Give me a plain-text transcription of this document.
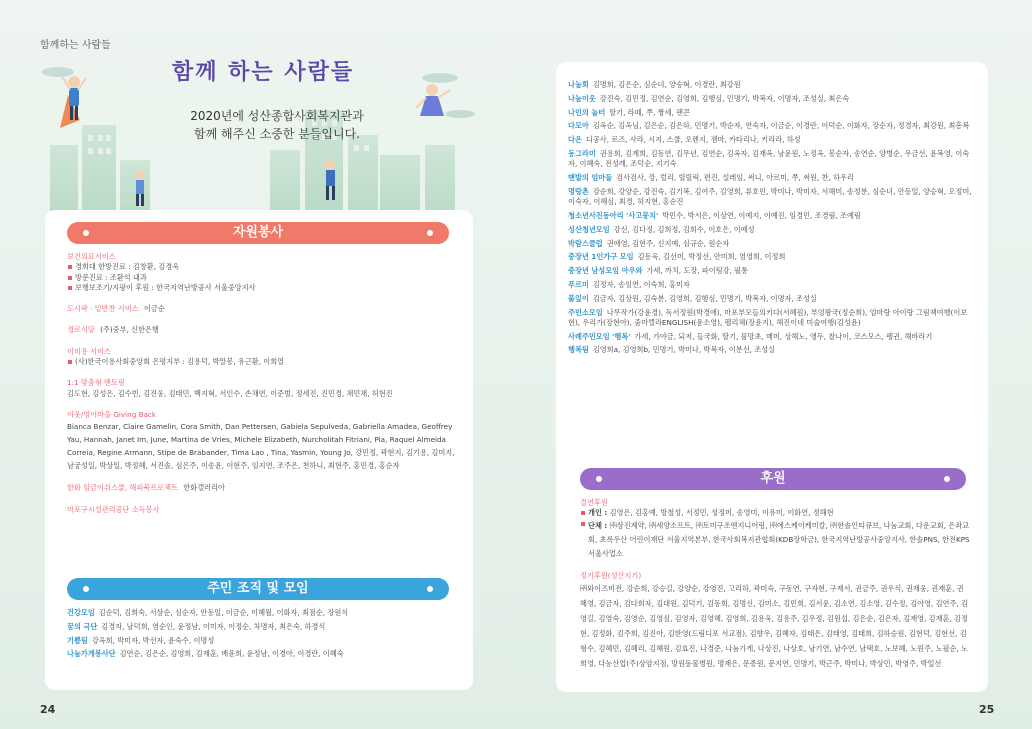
함께하는 사람들
함께 하는 사람들
2020년에 성산종합사회복지관과
함께 해주신 소중한 분들입니다.
자원봉사
보건의료서비스
경희대 한방진료 : 김창환, 김경욱
방문진료 : 조환석 내과
보행보조기/지팡이 후원 : 한국지역난방공사 서울중앙지사
도시락 · 밑반찬 서비스 이금순
경로식당 (주)중부, 신한은행
이미용 서비스
(사)한국이용사회중앙회 은평지부 : 김용덕, 박말봉, 유근환, 이희열
1:1 맞춤형 멘토링
김도현, 김성은, 김수빈, 김진웅, 김태민, 백지혁, 서인수, 손채연, 이준범, 정세진, 진민경, 채민채, 허현진
이웃/영어마을 Giving Back
Bianca Benzar, Claire Gamelin, Cora Smith, Dan Pettersen, Gabiela Sepulveda, Gabriella Amadea, Geoffrey Yau, Hannah, Janet Im, June, Martina de Vries, Michele Elizabeth, Nurcholitah Fitriani, Pia, Raquel Almeida Correia, Regine Armann, Stipe de Brabander, Tima Lao , Tina, Yasmin, Young Jo, 강민정, 곽현지, 김기용, 김미지, 남궁성일, 박상일, 박정혜, 서진솔, 심은주, 이송윤, 이현주, 임지연, 조주은, 천하니, 최현주, 홍민경, 홍순자
한화 임금이쉬스쿨, 해피북프로젝트 한화갤러리아
마포구시설관리공단 소독봉사
주민 조직 및 모임
건강모임 김순덕, 김희숙, 서삼순, 심순자, 안동일, 이금순, 이혜월, 이화자, 최점순, 장원식
꿈의 극단 김경자, 남덕희, 염순인, 윤정남, 이미자, 이정순, 차명자, 최은숙, 하경식
기쁨팀 강옥희, 박미자, 박선자, 윤숙수, 이명성
나눔가게봉사단 김연순, 김은순, 김영희, 김재훈, 배윤희, 윤정남, 이경아, 이경란, 이혜숙
나눔회 김명희, 김은순, 심순녀, 양승혁, 이경란, 최강원
나눔이웃 강진숙, 김민정, 김연순, 김영희, 김행심, 민명기, 박복자, 이명자, 조성실, 최은숙
나민의 놀터 딸기, 라떼, 쭈, 짱세, 팬콘
다모아 김옥순, 김옥님, 김은순, 김은하, 민명기, 박순자, 연숙자, 이금순, 이경란, 이덕순, 이화자, 장순자, 정경자, 최강원, 최흥복
다온 디공사, 로즈, 사라, 시지, 스쿨, 오렌지, 젬마, 카타리나, 키라라, 하성
동그라미 권용희, 김계희, 김동연, 김무년, 김연순, 김옥자, 김재옥, 남윤원, 노정옥, 봉순자, 송연순, 양병순, 우금선, 윤복영, 이숙자, 이혜숙, 전성례, 조덕순, 지기숙
맨발의 엄마들 검사검사, 깡, 럴리, 릴릴릭, 편진, 설레임, 써니, 아르미, 쭈, 써원, 찬, 하우리
명랑촌 강순희, 강양순, 강진숙, 김기복, 김여주, 김영희, 류호민, 박미나, 박미자, 서해미, 송정분, 심순녀, 안동일, 양승혁, 오정미, 이숙자, 이혜심, 최경, 허지현, 홍순진
청소년사진동아리 '사고뭉치' 박민수, 박서은, 이상연, 이예지, 이예진, 임경민, 조경림, 조예림
성산청년모임 강신, 김다정, 김희정, 김희수, 이호은, 이예성
박람스클럽 권애영, 김현주, 신지예, 심규순, 원순자
중장년 1인가구 모임 김동욱, 김선미, 박정선, 안미희, 염영희, 이정희
중장년 남성모임 아우와 가세, 까치, 도장, 파이팅강, 필통
푸르미 김정자, 송임연, 이숙희, 홍미자
풀잎이 김금자, 김상원, 김숙분, 김영희, 김행심, 민명기, 박복자, 이명자, 조성실
주민소모임 나무작가(강윤경), 독서정원(박경애), 마포부모들의키다(서혜원), 부엉왕국(정순희), 엄마랑 아이랑 그림책여행(이보현), 우리가(장현아), 줌마렐라ENGLISH(윤소영), 펠리체(장윤지), 해진이네 미술여행(김성윤)
사례주민모임 '행복' 가세, 가야금, 되저, 들국화, 딸기, 물망초, 매미, 상해노, 앵두, 찰나이, 코스모스, 펭귄, 해바라기
행복팀 김영희a, 김영희b, 민명기, 박미나, 박복자, 이분선, 조성실
후원
결연후원
개인 : 김영은, 김홍예, 방철성, 서정민, 성정미, 송영미, 이유미, 이화연, 정해현
단체 : ㈜삼진제약, ㈜세양소프트, ㈜토미구조엔지니어링, ㈜에스케이케미칼, ㈜한솔인티큐브, 나눔교회, 다운교회, 은좌교회, 초록우산 어린이재단 서울지역본부, 한국사회복지관협회(KDB장학금), 한국지역난방공사중앙지사, 한솔PNS, 한전KPS서울사업소
정기후원(성산지기)
㈜와이즈비전, 강순희, 강승길, 강양순, 강영진, 고리하, 곽미숙, 구동연, 구자현, 구재서, 권금주, 권우식, 권재웅, 권재훈, 권혜영, 김금자, 김다희자, 김대원, 김덕기, 김동희, 김명신, 김미소, 김민희, 김서윤, 김소연, 김소영, 김수정, 김아영, 김연주, 김영길, 김영숙, 김영순, 김영심, 김영자, 김영혜, 김영희, 김용욱, 김용주, 김우정, 김원섭, 김은순, 김은자, 김재영, 김재훈, 김정현, 김정화, 김주희, 김진아, 김한영(드림디포 서교점), 김향우, 김혜자, 김태은, 김태영, 김태희, 김하승원, 김현덕, 김현선, 김형수, 김혜민, 김혜리, 김혜원, 김효진, 나경준, 나눔가게, 나상진, 나상호, 남기연, 남수연, 남택호, 노보혜, 노원주, 노필순, 노희영, 다농산업(주)상암지점, 망원동물병원, 명재은, 문종원, 문지연, 민명기, 박근주, 박미나, 박상민, 박영주, 박일선
24	25
